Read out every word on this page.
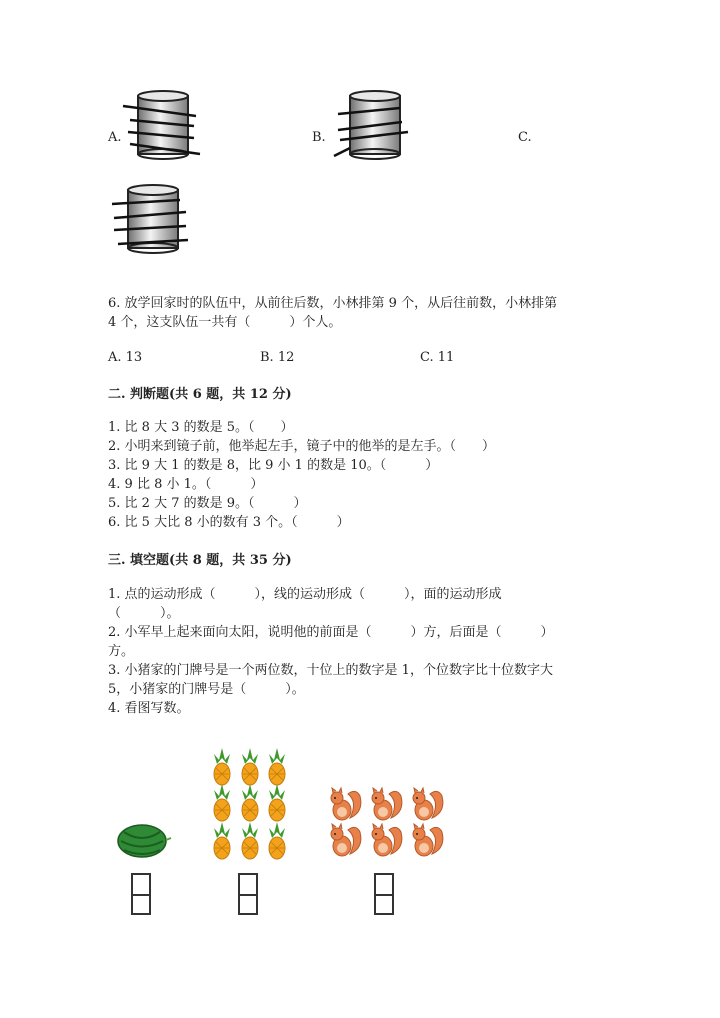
A.	B.	C.
6. 放学回家时的队伍中，从前往后数，小林排第 9 个，从后往前数，小林排第
4 个，这支队伍一共有（　　　）个人。
A. 13	B. 12	C. 11
二. 判断题(共 6 题，共 12 分)
1. 比 8 大 3 的数是 5。（　　）
2. 小明来到镜子前，他举起左手，镜子中的他举的是左手。（　　）
3. 比 9 大 1 的数是 8，比 9 小 1 的数是 10。（　　　）
4. 9 比 8 小 1。（　　　）
5. 比 2 大 7 的数是 9。（　　　）
6. 比 5 大比 8 小的数有 3 个。（　　　）
三. 填空题(共 8 题，共 35 分)
1. 点的运动形成（　　　），线的运动形成（　　　），面的运动形成
（　　　）。
2. 小军早上起来面向太阳，说明他的前面是（　　　）方，后面是（　　　）
方。
3. 小猪家的门牌号是一个两位数，十位上的数字是 1，个位数字比十位数字大
5，小猪家的门牌号是（　　　）。
4. 看图写数。
